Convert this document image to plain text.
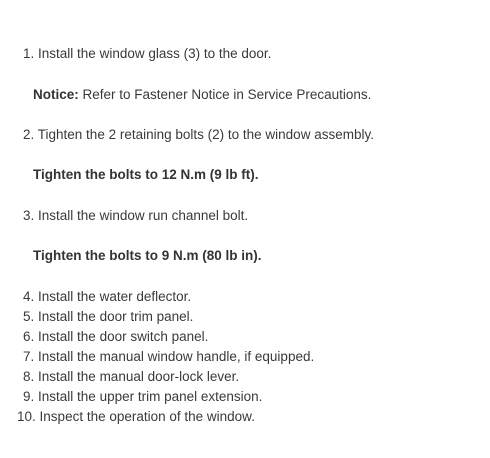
1. Install the window glass (3) to the door.
Notice: Refer to Fastener Notice in Service Precautions.
2. Tighten the 2 retaining bolts (2) to the window assembly.
Tighten the bolts to 12 N.m (9 lb ft).
3. Install the window run channel bolt.
Tighten the bolts to 9 N.m (80 lb in).
4. Install the water deflector.
5. Install the door trim panel.
6. Install the door switch panel.
7. Install the manual window handle, if equipped.
8. Install the manual door-lock lever.
9. Install the upper trim panel extension.
10. Inspect the operation of the window.
